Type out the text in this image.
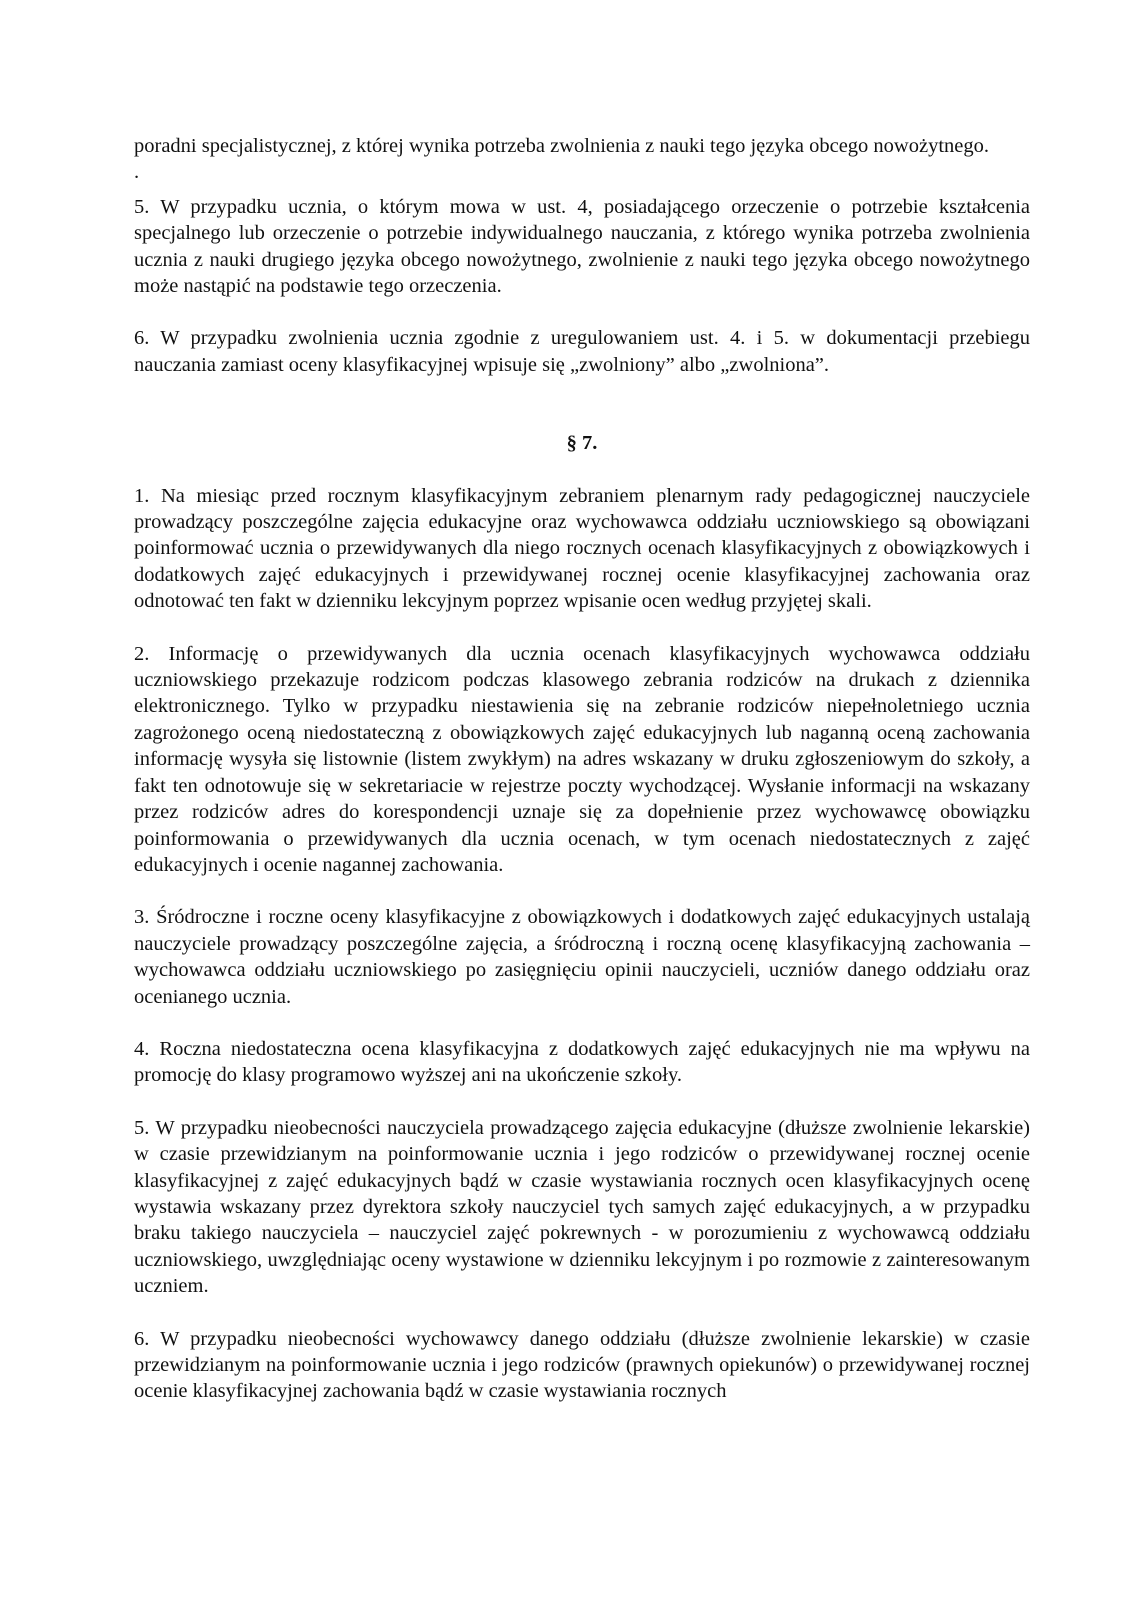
poradni specjalistycznej, z której wynika potrzeba zwolnienia z nauki tego języka obcego nowożytnego.

.

5. W przypadku ucznia, o którym mowa w ust. 4, posiadającego orzeczenie o potrzebie kształcenia specjalnego lub orzeczenie o potrzebie indywidualnego nauczania, z którego wynika potrzeba zwolnienia ucznia z nauki drugiego języka obcego nowożytnego, zwolnienie z nauki tego języka obcego nowożytnego może nastąpić na podstawie tego orzeczenia.

6. W przypadku zwolnienia ucznia zgodnie z uregulowaniem ust. 4. i 5. w dokumentacji przebiegu nauczania zamiast oceny klasyfikacyjnej wpisuje się „zwolniony” albo „zwolniona”.

§ 7.

1. Na miesiąc przed rocznym klasyfikacyjnym zebraniem plenarnym rady pedagogicznej nauczyciele prowadzący poszczególne zajęcia edukacyjne oraz wychowawca oddziału uczniowskiego są obowiązani poinformować ucznia o przewidywanych dla niego rocznych ocenach klasyfikacyjnych z obowiązkowych i dodatkowych zajęć edukacyjnych i przewidywanej rocznej ocenie klasyfikacyjnej zachowania oraz odnotować ten fakt w dzienniku lekcyjnym poprzez wpisanie ocen według przyjętej skali.

2. Informację o przewidywanych dla ucznia ocenach klasyfikacyjnych wychowawca oddziału uczniowskiego przekazuje rodzicom podczas klasowego zebrania rodziców na drukach z dziennika elektronicznego. Tylko w przypadku niestawienia się na zebranie rodziców niepełnoletniego ucznia zagrożonego oceną niedostateczną z obowiązkowych zajęć edukacyjnych lub naganną oceną zachowania informację wysyła się listownie (listem zwykłym) na adres wskazany w druku zgłoszeniowym do szkoły, a fakt ten odnotowuje się w sekretariacie w rejestrze poczty wychodzącej. Wysłanie informacji na wskazany przez rodziców adres do korespondencji uznaje się za dopełnienie przez wychowawcę obowiązku poinformowania o przewidywanych dla ucznia ocenach, w tym ocenach niedostatecznych z zajęć edukacyjnych i ocenie nagannej zachowania.

3. Śródroczne i roczne oceny klasyfikacyjne z obowiązkowych i dodatkowych zajęć edukacyjnych ustalają nauczyciele prowadzący poszczególne zajęcia, a śródroczną i roczną ocenę klasyfikacyjną zachowania – wychowawca oddziału uczniowskiego po zasięgnięciu opinii nauczycieli, uczniów danego oddziału oraz ocenianego ucznia.

4. Roczna niedostateczna ocena klasyfikacyjna z dodatkowych zajęć edukacyjnych nie ma wpływu na promocję do klasy programowo wyższej ani na ukończenie szkoły.

5. W przypadku nieobecności nauczyciela prowadzącego zajęcia edukacyjne (dłuższe zwolnienie lekarskie) w czasie przewidzianym na poinformowanie ucznia i jego rodziców o przewidywanej rocznej ocenie klasyfikacyjnej z zajęć edukacyjnych bądź w czasie wystawiania rocznych ocen klasyfikacyjnych ocenę wystawia wskazany przez dyrektora szkoły nauczyciel tych samych zajęć edukacyjnych, a w przypadku braku takiego nauczyciela – nauczyciel zajęć pokrewnych - w porozumieniu z wychowawcą oddziału uczniowskiego, uwzględniając oceny wystawione w dzienniku lekcyjnym i po rozmowie z zainteresowanym uczniem.

6. W przypadku nieobecności wychowawcy danego oddziału (dłuższe zwolnienie lekarskie) w czasie przewidzianym na poinformowanie ucznia i jego rodziców (prawnych opiekunów) o przewidywanej rocznej ocenie klasyfikacyjnej zachowania bądź w czasie wystawiania rocznych
